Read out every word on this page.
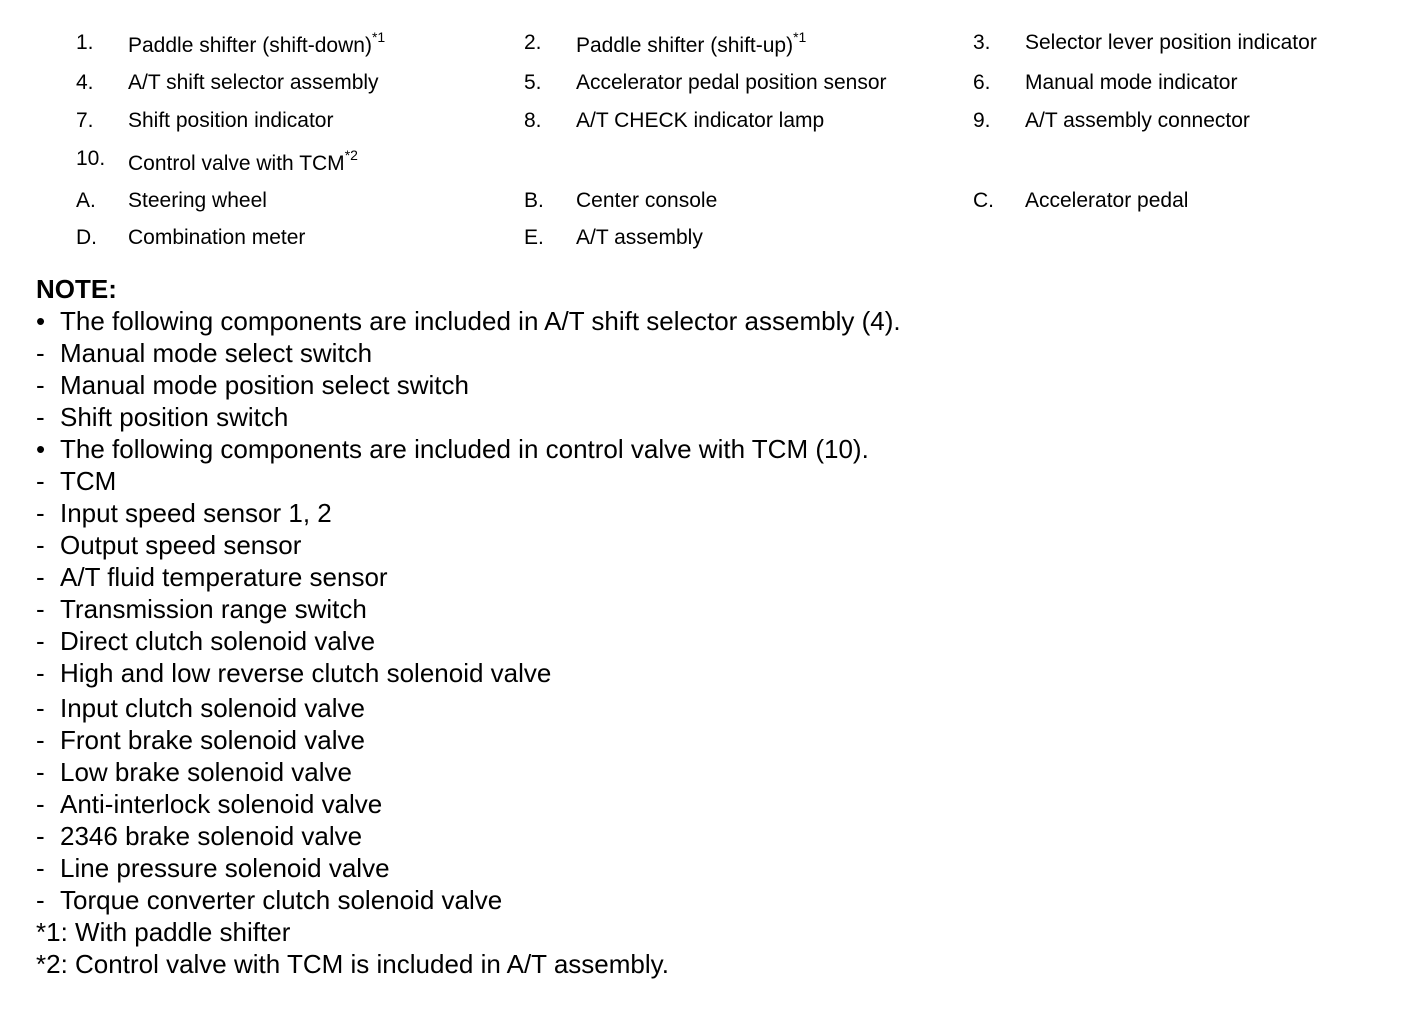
1. Paddle shifter (shift-down)$^{*1}$	2. Paddle shifter (shift-up)$^{*1}$	3. Selector lever position indicator
4. A/T shift selector assembly	5. Accelerator pedal position sensor	6. Manual mode indicator
7. Shift position indicator	8. A/T CHECK indicator lamp	9. A/T assembly connector
10. Control valve with TCM$^{*2}$
A. Steering wheel	B. Center console	C. Accelerator pedal
D. Combination meter	E. A/T assembly
NOTE:
• The following components are included in A/T shift selector assembly (4).
- Manual mode select switch
- Manual mode position select switch
- Shift position switch
• The following components are included in control valve with TCM (10).
- TCM
- Input speed sensor 1, 2
- Output speed sensor
- A/T fluid temperature sensor
- Transmission range switch
- Direct clutch solenoid valve
- High and low reverse clutch solenoid valve
- Input clutch solenoid valve
- Front brake solenoid valve
- Low brake solenoid valve
- Anti-interlock solenoid valve
- 2346 brake solenoid valve
- Line pressure solenoid valve
- Torque converter clutch solenoid valve
*1: With paddle shifter
*2: Control valve with TCM is included in A/T assembly.
